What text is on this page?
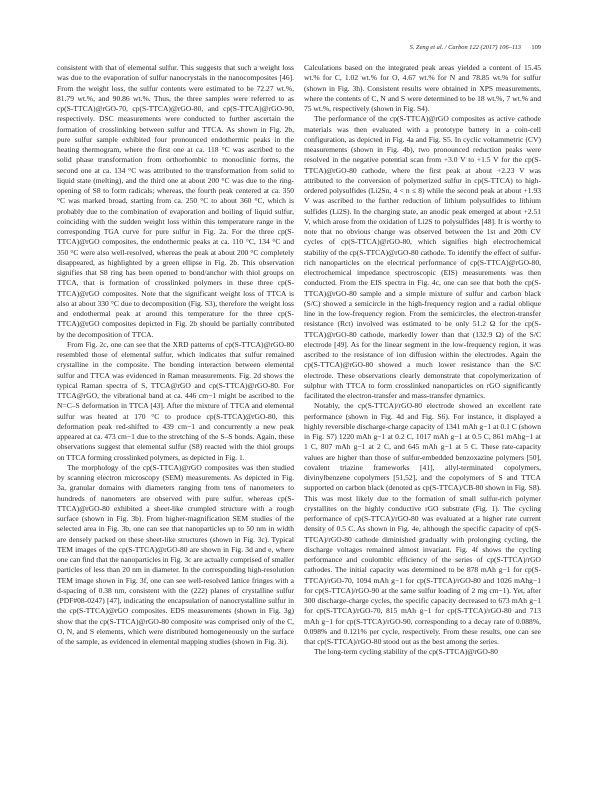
S. Zeng et al. / Carbon 122 (2017) 106–113 109

consistent with that of elemental sulfur. This suggests that such a weight loss was due to the evaporation of sulfur nanocrystals in the nanocomposites [46]. From the weight loss, the sulfur contents were estimated to be 72.27 wt.%, 81.79 wt.%, and 90.86 wt.%. Thus, the three samples were referred to as cp(S-TTCA)@rGO-70, cp(S-TTCA)@rGO-80, and cp(S-TTCA)@rGO-90, respectively. DSC measurements were conducted to further ascertain the formation of crosslinking between sulfur and TTCA. As shown in Fig. 2b, pure sulfur sample exhibited four pronounced endothermic peaks in the heating thermogram, where the first one at ca. 118 °C was ascribed to the solid phase transformation from orthorhombic to monoclinic forms, the second one at ca. 134 °C was attributed to the transformation from solid to liquid state (melting), and the third one at about 200 °C was due to the ring-opening of S8 to form radicals; whereas, the fourth peak centered at ca. 350 °C was marked broad, starting from ca. 250 °C to about 360 °C, which is probably due to the combination of evaporation and boiling of liquid sulfur, coinciding with the sudden weight loss within this temperature range in the corresponding TGA curve for pure sulfur in Fig. 2a. For the three cp(S-TTCA)@rGO composites, the endothermic peaks at ca. 110 °C, 134 °C and 350 °C were also well-resolved, whereas the peak at about 200 °C completely disappeared, as highlighted by a green ellipse in Fig. 2b. This observation signifies that S8 ring has been opened to bond/anchor with thiol groups on TTCA, that is formation of crosslinked polymers in these three cp(S-TTCA)@rGO composites. Note that the significant weight loss of TTCA is also at about 330 °C due to decomposition (Fig. S3), therefore the weight loss and endothermal peak at around this temperature for the three cp(S-TTCA)@rGO composites depicted in Fig. 2b should be partially contributed by the decomposition of TTCA.

From Fig. 2c, one can see that the XRD patterns of cp(S-TTCA)@rGO-80 resembled those of elemental sulfur, which indicates that sulfur remained crystalline in the composite. The bonding interaction between elemental sulfur and TTCA was evidenced in Raman measurements. Fig. 2d shows the typical Raman spectra of S, TTCA@rGO and cp(S-TTCA)@rGO-80. For TTCA@rGO, the vibrational band at ca. 446 cm−1 might be ascribed to the N=C–S deformation in TTCA [43]. After the mixture of TTCA and elemental sulfur was heated at 170 °C to produce cp(S-TTCA)@rGO-80, this deformation peak red-shifted to 439 cm−1 and concurrently a new peak appeared at ca. 473 cm−1 due to the stretching of the S–S bonds. Again, these observations suggest that elemental sulfur (S8) reacted with the thiol groups on TTCA forming crosslinked polymers, as depicted in Fig. 1.

The morphology of the cp(S-TTCA)@rGO composites was then studied by scanning electron microscopy (SEM) measurements. As depicted in Fig. 3a, granular domains with diameters ranging from tens of nanometers to hundreds of nanometers are observed with pure sulfur, whereas cp(S-TTCA)@rGO-80 exhibited a sheet-like crumpled structure with a rough surface (shown in Fig. 3b). From higher-magnification SEM studies of the selected area in Fig. 3b, one can see that nanoparticles up to 50 nm in width are densely packed on these sheet-like structures (shown in Fig. 3c). Typical TEM images of the cp(S-TTCA)@rGO-80 are shown in Fig. 3d and e, where one can find that the nanoparticles in Fig. 3c are actually comprised of smaller particles of less than 20 nm in diameter. In the corresponding high-resolution TEM image shown in Fig. 3f, one can see well-resolved lattice fringes with a d-spacing of 0.38 nm, consistent with the (222) planes of crystalline sulfur (PDF#08-0247) [47], indicating the encapsulation of nanocrystalline sulfur in the cp(S-TTCA)@rGO composites. EDS measurements (shown in Fig. 3g) show that the cp(S-TTCA)@rGO-80 composite was comprised only of the C, O, N, and S elements, which were distributed homogeneously on the surface of the sample, as evidenced in elemental mapping studies (shown in Fig. 3i).

Calculations based on the integrated peak areas yielded a content of 15.45 wt.% for C, 1.02 wt.% for O, 4.67 wt.% for N and 78.85 wt.% for sulfur (shown in Fig. 3h). Consistent results were obtained in XPS measurements, where the contents of C, N and S were determined to be 18 wt.%, 7 wt.% and 75 wt.%, respectively (shown in Fig. S4).

The performance of the cp(S-TTCA)@rGO composites as active cathode materials was then evaluated with a prototype battery in a coin-cell configuration, as depicted in Fig. 4a and Fig. S5. In cyclic voltammetric (CV) measurements (shown in Fig. 4b), two pronounced reduction peaks were resolved in the negative potential scan from +3.0 V to +1.5 V for the cp(S-TTCA)@rGO-80 cathode, where the first peak at about +2.23 V was attributed to the conversion of polymerized sulfur in cp(S-TTCA) to high-ordered polysulfides (Li2Sn, 4 < n ≤ 8) while the second peak at about +1.93 V was ascribed to the further reduction of lithium polysulfides to lithium sulfides (Li2S). In the charging state, an anodic peak emerged at about +2.51 V, which arose from the oxidation of Li2S to polysulfides [48]. It is worthy to note that no obvious change was observed between the 1st and 20th CV cycles of cp(S-TTCA)@rGO-80, which signifies high electrochemical stability of the cp(S-TTCA)@rGO-80 cathode. To identify the effect of sulfur-rich nanoparticles on the electrical performance of cp(S-TTCA)@rGO-80, electrochemical impedance spectroscopic (EIS) measurements was then conducted. From the EIS spectra in Fig. 4c, one can see that both the cp(S-TTCA)@rGO-80 sample and a simple mixture of sulfur and carbon black (S/C) showed a semicircle in the high-frequency region and a radial oblique line in the low-frequency region. From the semicircles, the electron-transfer resistance (Rct) involved was estimated to be only 51.2 Ω for the cp(S-TTCA)@rGO-80 cathode, markedly lower than that (132.9 Ω) of the S/C electrode [49]. As for the linear segment in the low-frequency region, it was ascribed to the resistance of ion diffusion within the electrodes. Again the cp(S-TTCA)@rGO-80 showed a much lower resistance than the S/C electrode. These observations clearly demonstrate that copolymerization of sulphur with TTCA to form crosslinked nanoparticles on rGO significantly facilitated the electron-transfer and mass-transfer dynamics.

Notably, the cp(S-TTCA)/rGO-80 electrode showed an excellent rate performance (shown in Fig. 4d and Fig. S6). For instance, it displayed a highly reversible discharge-charge capacity of 1341 mAh g−1 at 0.1 C (shown in Fig. S7) 1220 mAh g−1 at 0.2 C, 1017 mAh g−1 at 0.5 C, 861 mAhg−1 at 1 C, 807 mAh g−1 at 2 C, and 645 mAh g−1 at 5 C. These rate-capacity values are higher than those of sulfur-embedded benzoxazine polymers [50], covalent triazine frameworks [41], allyl-terminated copolymers, divinylbenzene copolymers [51,52], and the copolymers of S and TTCA supported on carbon black (denoted as cp(S-TTCA)/CB-80 shown in Fig. S8). This was most likely due to the formation of small sulfur-rich polymer crystallites on the highly conductive rGO substrate (Fig. 1). The cycling performance of cp(S-TTCA)/rGO-80 was evaluated at a higher rate current density of 0.5 C. As shown in Fig. 4e, although the specific capacity of cp(S-TTCA)/rGO-80 cathode diminished gradually with prolonging cycling, the discharge voltages remained almost invariant. Fig. 4f shows the cycling performance and coulombic efficiency of the series of cp(S-TTCA)/rGO cathodes. The initial capacity was determined to be 878 mAh g−1 for cp(S-TTCA)/rGO-70, 1094 mAh g−1 for cp(S-TTCA)/rGO-80 and 1026 mAhg−1 for cp(S-TTCA)/rGO-90 at the same sulfur loading of 2 mg cm−1). Yet, after 300 discharge-charge cycles, the specific capacity decreased to 673 mAh g−1 for cp(S-TTCA)/rGO-70, 815 mAh g−1 for cp(S-TTCA)/rGO-80 and 713 mAh g−1 for cp(S-TTCA)/rGO-90, corresponding to a decay rate of 0.088%, 0.098% and 0.121% per cycle, respectively. From these results, one can see that cp(S-TTCA)/rGO-80 stood out as the best among the series.

The long-term cycling stability of the cp(S-TTCA)@rGO-80
